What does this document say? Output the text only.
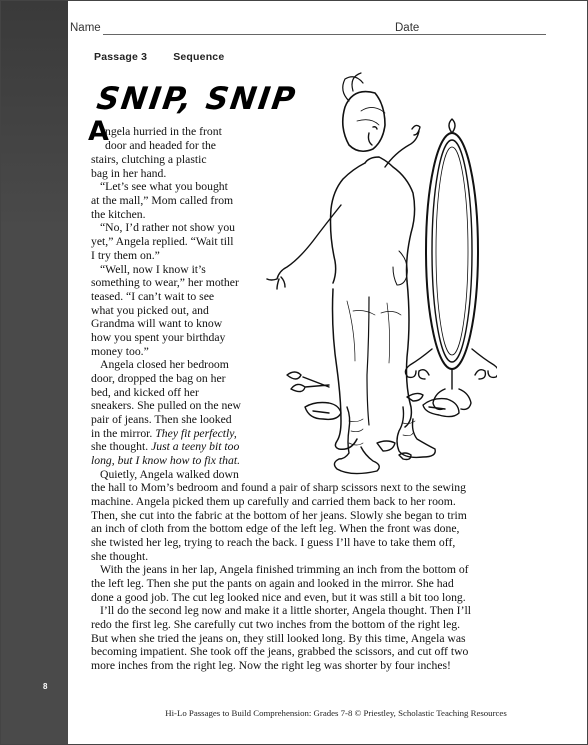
8
Name	Date
Passage 3 Sequence
SNIP, SNIP
A
ngela hurried in the front
door and headed for the
stairs, clutching a plastic
bag in her hand.
“Let’s see what you bought
at the mall,” Mom called from
the kitchen.
“No, I’d rather not show you
yet,” Angela replied. “Wait till
I try them on.”
“Well, now I know it’s
something to wear,” her mother
teased. “I can’t wait to see
what you picked out, and
Grandma will want to know
how you spent your birthday
money too.”
Angela closed her bedroom
door, dropped the bag on her
bed, and kicked off her
sneakers. She pulled on the new
pair of jeans. Then she looked
in the mirror. They fit perfectly,
she thought. Just a teeny bit too
long, but I know how to fix that.
Quietly, Angela walked down
the hall to Mom’s bedroom and found a pair of sharp scissors next to the sewing
machine. Angela picked them up carefully and carried them back to her room.
Then, she cut into the fabric at the bottom of her jeans. Slowly she began to trim
an inch of cloth from the bottom edge of the left leg. When the front was done,
she twisted her leg, trying to reach the back. I guess I’ll have to take them off,
she thought.
With the jeans in her lap, Angela finished trimming an inch from the bottom of
the left leg. Then she put the pants on again and looked in the mirror. She had
done a good job. The cut leg looked nice and even, but it was still a bit too long.
I’ll do the second leg now and make it a little shorter, Angela thought. Then I’ll
redo the first leg. She carefully cut two inches from the bottom of the right leg.
But when she tried the jeans on, they still looked long. By this time, Angela was
becoming impatient. She took off the jeans, grabbed the scissors, and cut off two
more inches from the right leg. Now the right leg was shorter by four inches!
Hi-Lo Passages to Build Comprehension: Grades 7-8 © Priestley, Scholastic Teaching Resources
